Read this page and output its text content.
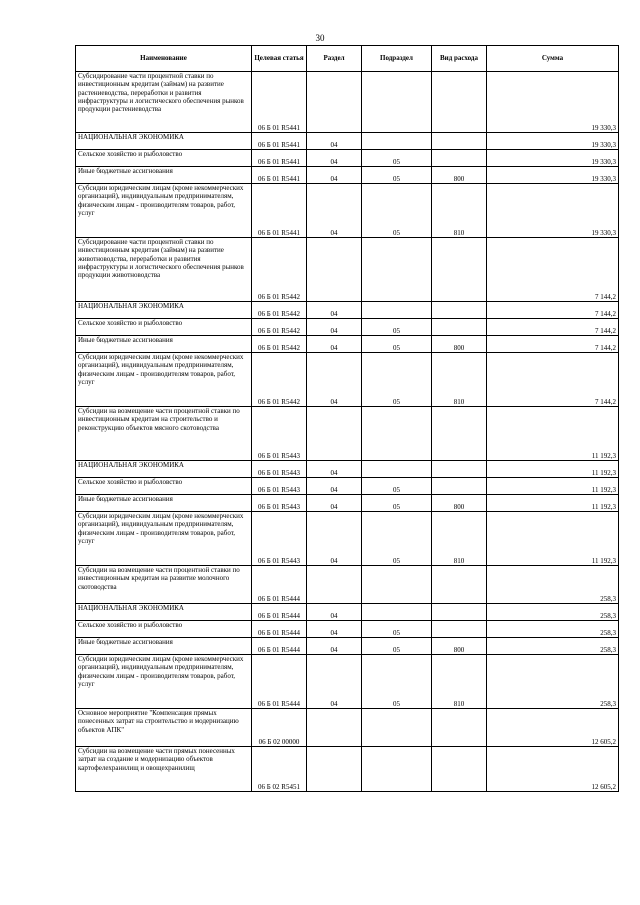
30
Наименование	Целевая статья	Раздел	Подраздел	Вид расхода	Сумма
Субсидирование части процентной ставки по инвестиционным кредитам (займам) на развитие растениеводства, переработки и развития инфраструктуры и логистического обеспечения рынков продукции растениеводства	06 Б 01 R5441				19 330,3
НАЦИОНАЛЬНАЯ ЭКОНОМИКА	06 Б 01 R5441	04			19 330,3
Сельское хозяйство и рыболовство	06 Б 01 R5441	04	05		19 330,3
Иные бюджетные ассигнования	06 Б 01 R5441	04	05	800	19 330,3
Субсидии юридическим лицам (кроме некоммерческих организаций), индивидуальным предпринимателям, физическим лицам - производителям товаров, работ, услуг	06 Б 01 R5441	04	05	810	19 330,3
Субсидирование части процентной ставки по инвестиционным кредитам (займам) на развитие животноводства, переработки и развития инфраструктуры и логистического обеспечения рынков продукции животноводства	06 Б 01 R5442				7 144,2
НАЦИОНАЛЬНАЯ ЭКОНОМИКА	06 Б 01 R5442	04			7 144,2
Сельское хозяйство и рыболовство	06 Б 01 R5442	04	05		7 144,2
Иные бюджетные ассигнования	06 Б 01 R5442	04	05	800	7 144,2
Субсидии юридическим лицам (кроме некоммерческих организаций), индивидуальным предпринимателям, физическим лицам - производителям товаров, работ, услуг	06 Б 01 R5442	04	05	810	7 144,2
Субсидии на возмещение части процентной ставки по инвестиционным кредитам на строительство и реконструкцию объектов мясного скотоводства	06 Б 01 R5443				11 192,3
НАЦИОНАЛЬНАЯ ЭКОНОМИКА	06 Б 01 R5443	04			11 192,3
Сельское хозяйство и рыболовство	06 Б 01 R5443	04	05		11 192,3
Иные бюджетные ассигнования	06 Б 01 R5443	04	05	800	11 192,3
Субсидии юридическим лицам (кроме некоммерческих организаций), индивидуальным предпринимателям, физическим лицам - производителям товаров, работ, услуг	06 Б 01 R5443	04	05	810	11 192,3
Субсидии на возмещение части процентной ставки по инвестиционным кредитам на развитие молочного скотоводства	06 Б 01 R5444				258,3
НАЦИОНАЛЬНАЯ ЭКОНОМИКА	06 Б 01 R5444	04			258,3
Сельское хозяйство и рыболовство	06 Б 01 R5444	04	05		258,3
Иные бюджетные ассигнования	06 Б 01 R5444	04	05	800	258,3
Субсидии юридическим лицам (кроме некоммерческих организаций), индивидуальным предпринимателям, физическим лицам - производителям товаров, работ, услуг	06 Б 01 R5444	04	05	810	258,3
Основное мероприятие "Компенсация прямых понесенных затрат на строительство и модернизацию объектов АПК"	06 Б 02 00000				12 605,2
Субсидии на возмещение части прямых понесенных затрат на создание и модернизацию объектов картофелехранилищ и овощехранилищ	06 Б 02 R5451				12 605,2
